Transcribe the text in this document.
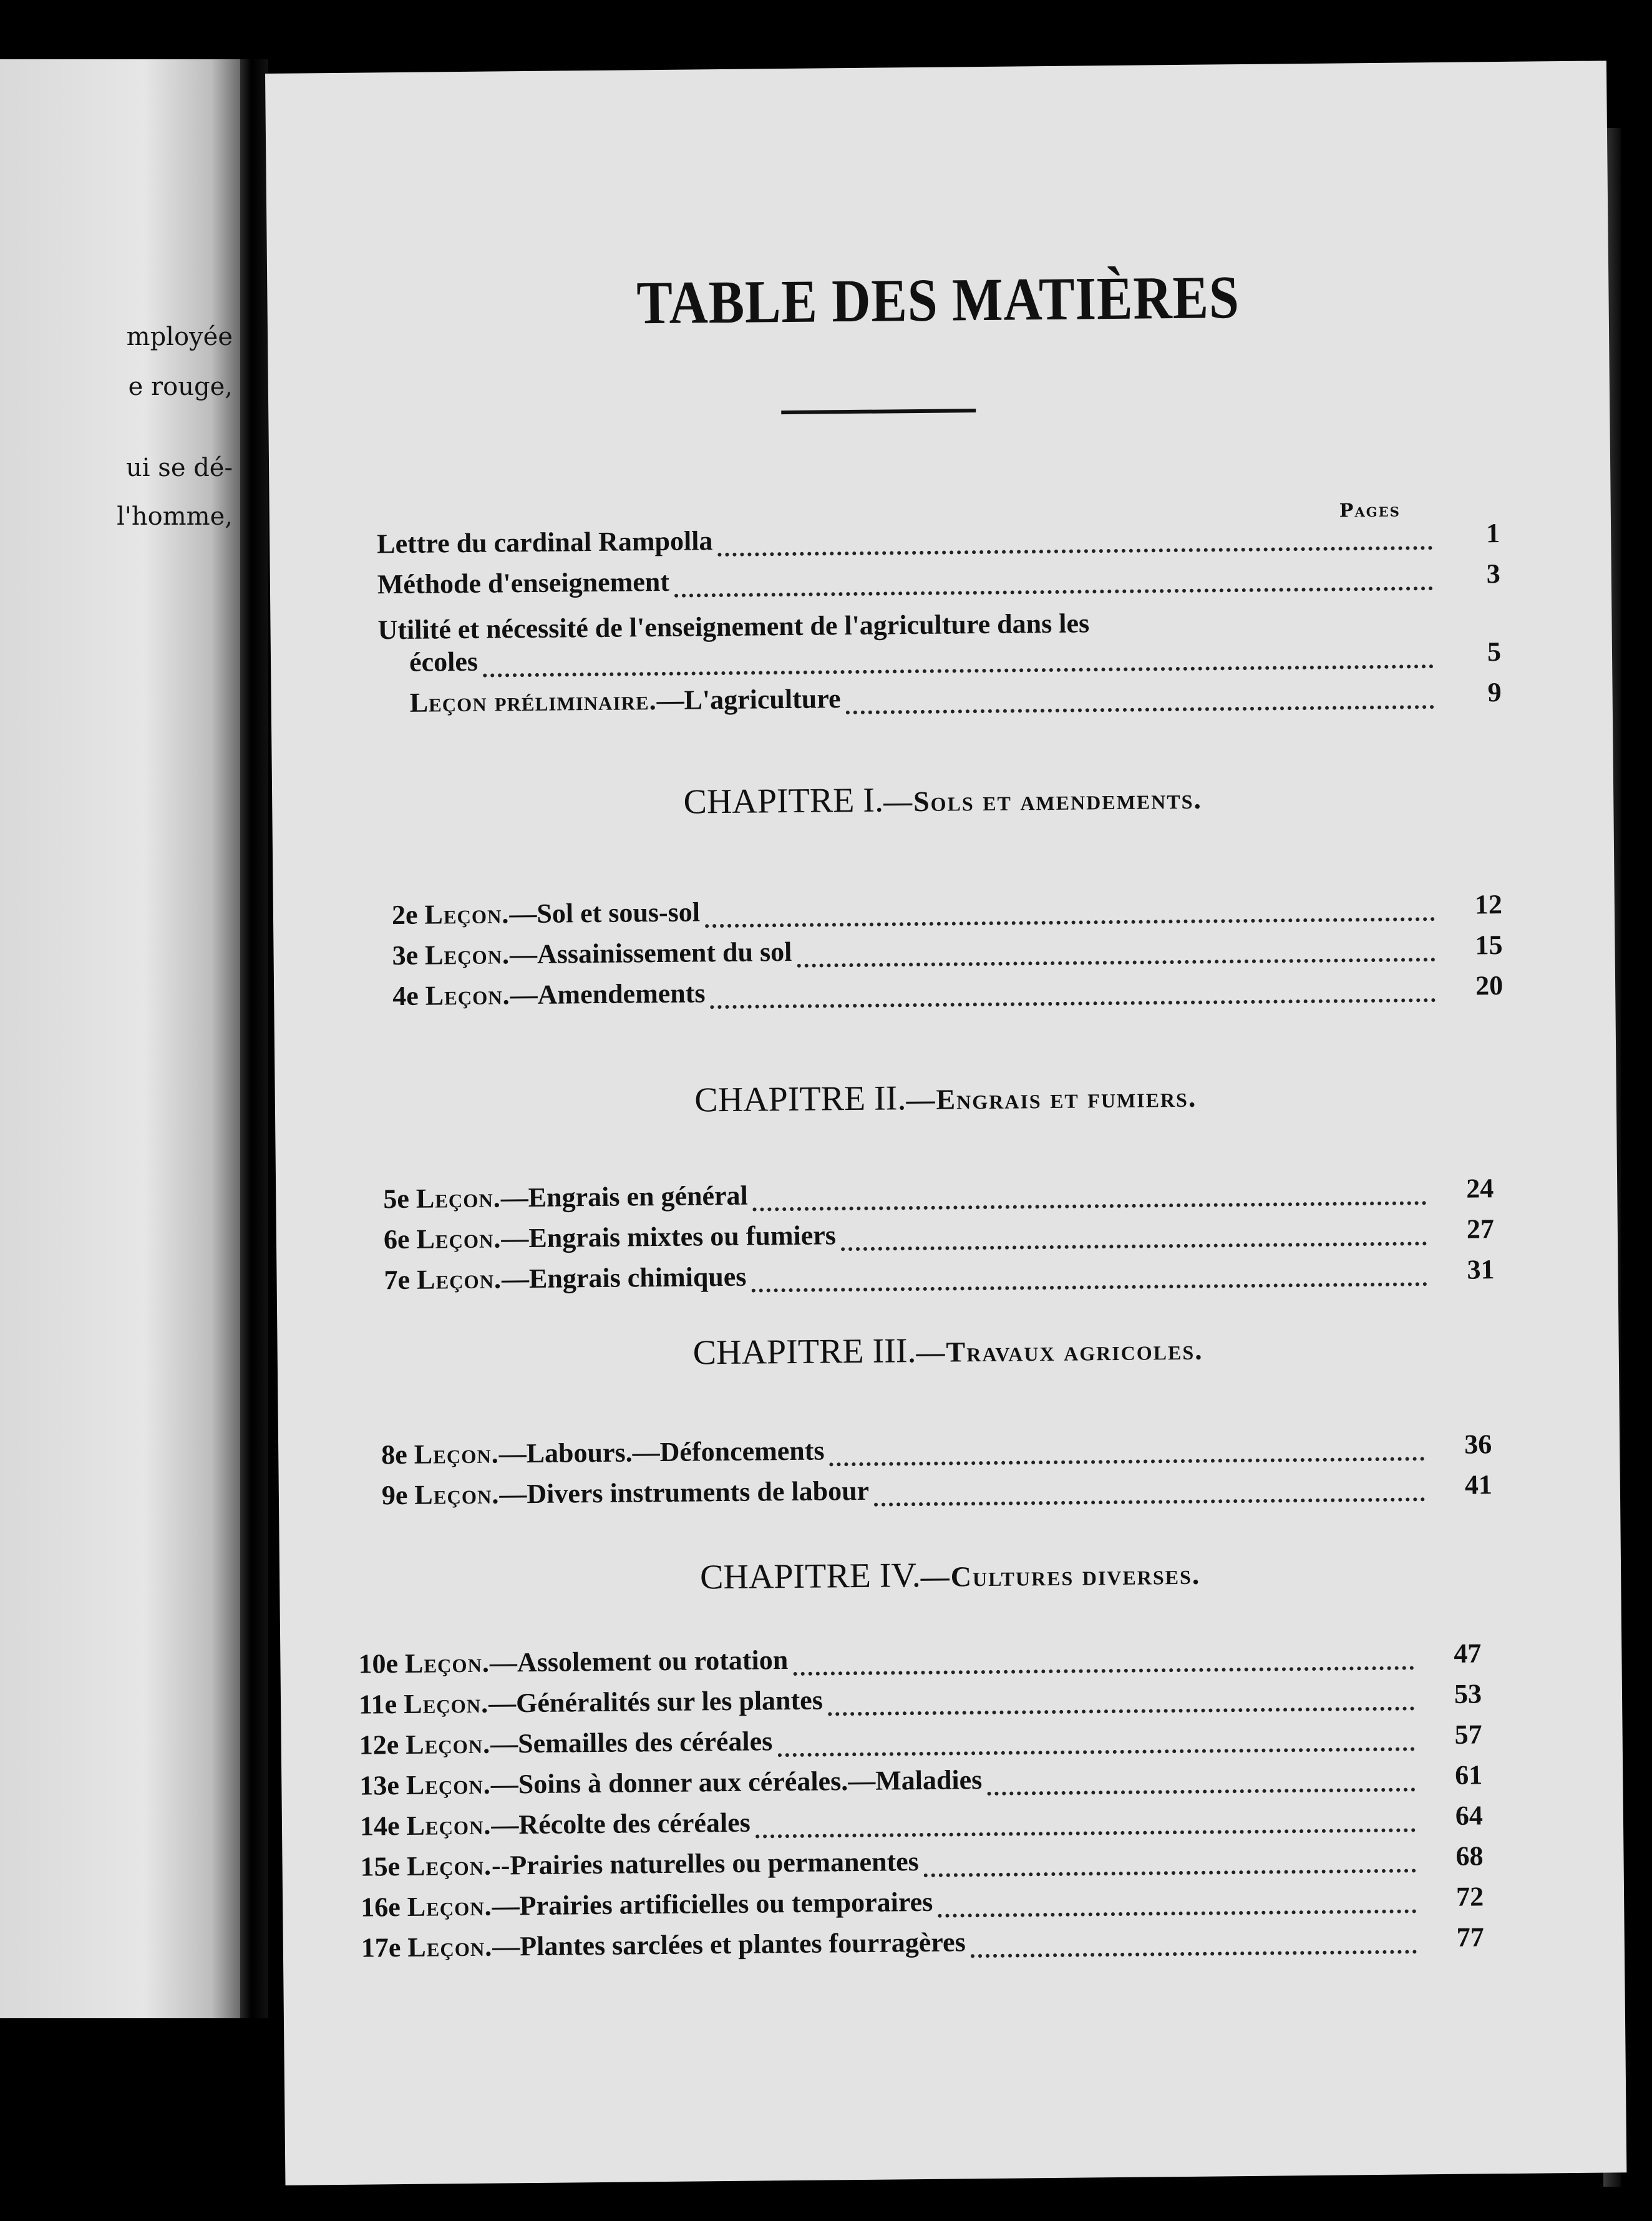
mployée
e rouge,
ui se dé-
l'homme,
TABLE DES MATIÈRES
Pages
Lettre du cardinal Rampolla	1
Méthode d'enseignement	3
Utilité et nécessité de l'enseignement de l'agriculture dans les
écoles	5
Leçon préliminaire.—L'agriculture	9
CHAPITRE I.—Sols et amendements.
2e Leçon.—Sol et sous-sol	12
3e Leçon.—Assainissement du sol	15
4e Leçon.—Amendements	20
CHAPITRE II.—Engrais et fumiers.
5e Leçon.—Engrais en général	24
6e Leçon.—Engrais mixtes ou fumiers	27
7e Leçon.—Engrais chimiques	31
CHAPITRE III.—Travaux agricoles.
8e Leçon.—Labours.—Défoncements	36
9e Leçon.—Divers instruments de labour	41
CHAPITRE IV.—Cultures diverses.
10e Leçon.—Assolement ou rotation	47
11e Leçon.—Généralités sur les plantes	53
12e Leçon.—Semailles des céréales	57
13e Leçon.—Soins à donner aux céréales.—Maladies	61
14e Leçon.—Récolte des céréales	64
15e Leçon.--Prairies naturelles ou permanentes	68
16e Leçon.—Prairies artificielles ou temporaires	72
17e Leçon.—Plantes sarclées et plantes fourragères	77
